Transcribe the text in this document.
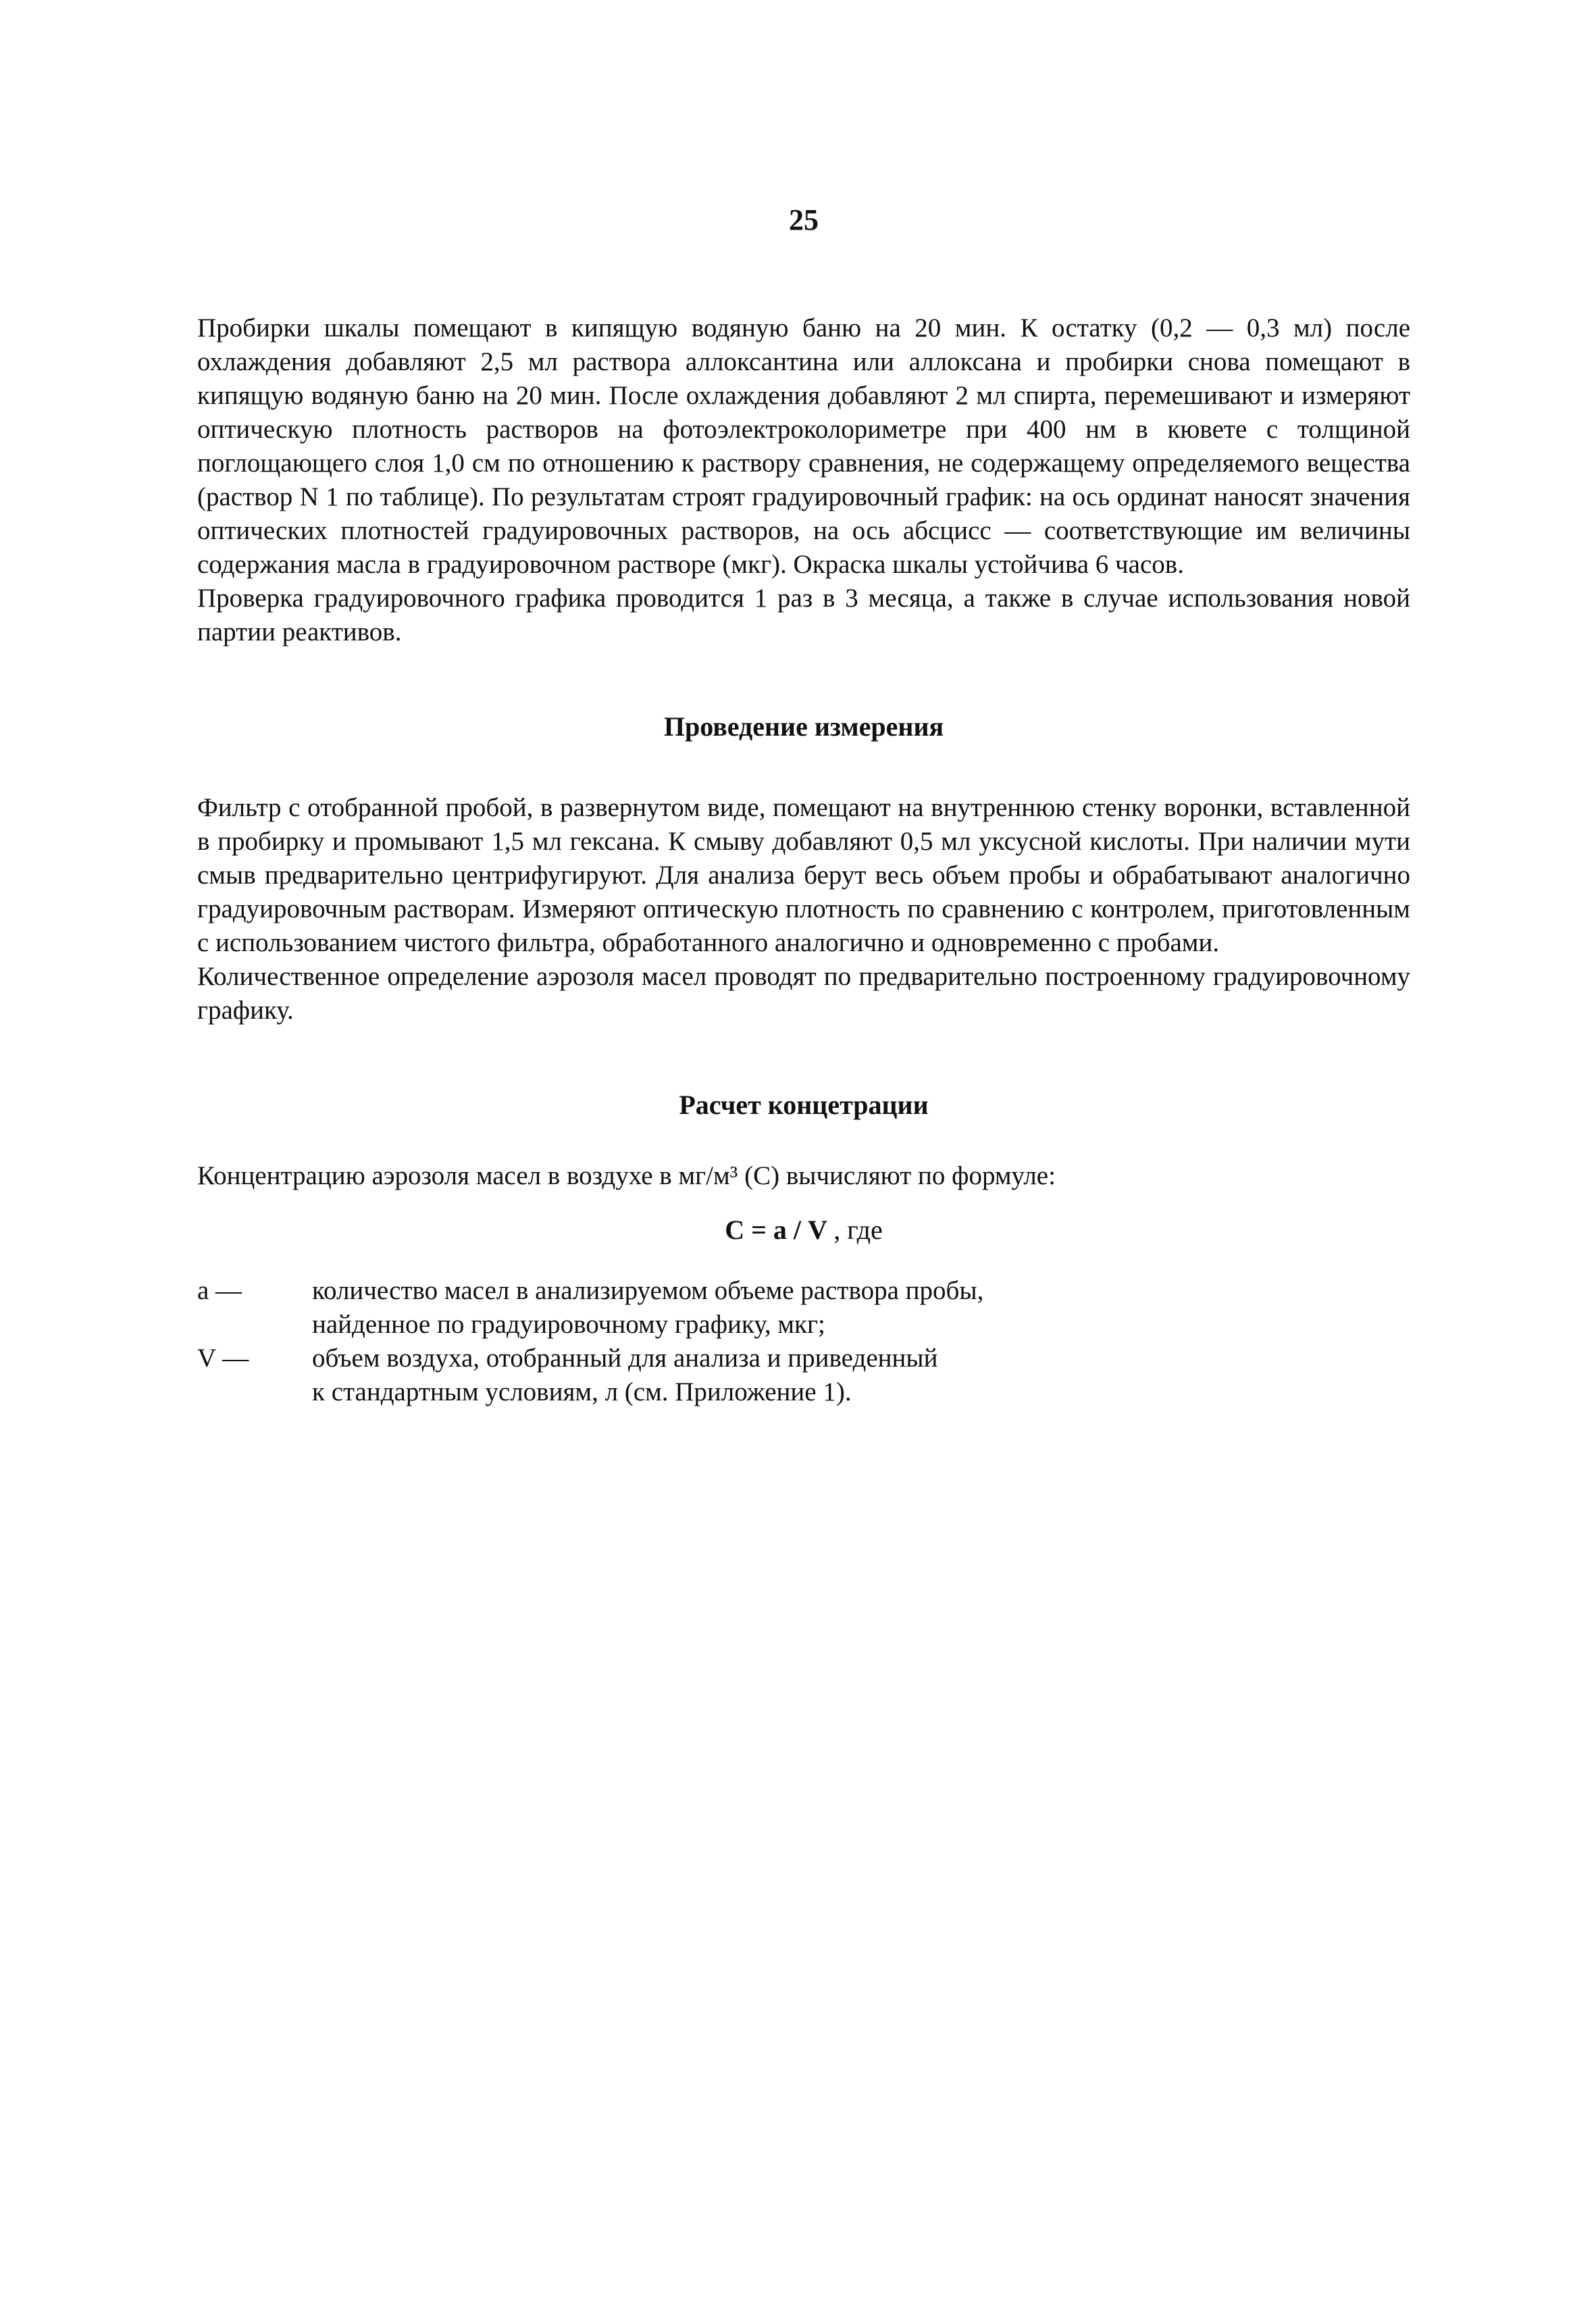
25

Пробирки шкалы помещают в кипящую водяную баню на 20 мин. К остатку (0,2 — 0,3 мл) после охлаждения добавляют 2,5 мл раствора аллоксантина или аллоксана и пробирки снова помещают в кипящую водяную баню на 20 мин. После охлаждения добавляют 2 мл спирта, перемешивают и измеряют оптическую плотность растворов на фотоэлектроколориметре при 400 нм в кювете с толщиной поглощающего слоя 1,0 см по отношению к раствору сравнения, не содержащему определяемого вещества (раствор N 1 по таблице). По результатам строят градуировочный график: на ось ординат наносят значения оптических плотностей градуировочных растворов, на ось абсцисс — соответствующие им величины содержания масла в градуировочном растворе (мкг). Окраска шкалы устойчива 6 часов.

Проверка градуировочного графика проводится 1 раз в 3 месяца, а также в случае использования новой партии реактивов.

Проведение измерения

Фильтр с отобранной пробой, в развернутом виде, помещают на внутреннюю стенку воронки, вставленной в пробирку и промывают 1,5 мл гексана. К смыву добавляют 0,5 мл уксусной кислоты. При наличии мути смыв предварительно центрифугируют. Для анализа берут весь объем пробы и обрабатывают аналогично градуировочным растворам. Измеряют оптическую плотность по сравнению с контролем, приготовленным с использованием чистого фильтра, обработанного аналогично и одновременно с пробами.

Количественное определение аэрозоля масел проводят по предварительно построенному градуировочному графику.

Расчет концетрации

Концентрацию аэрозоля масел в воздухе в мг/м³ (С) вычисляют по формуле:

С = а / V , где
а —	количество масел в анализируемом объеме раствора пробы,
найденное по градуировочному графику, мкг;
V —	объем воздуха, отобранный для анализа и приведенный
к стандартным условиям, л (см. Приложение 1).
